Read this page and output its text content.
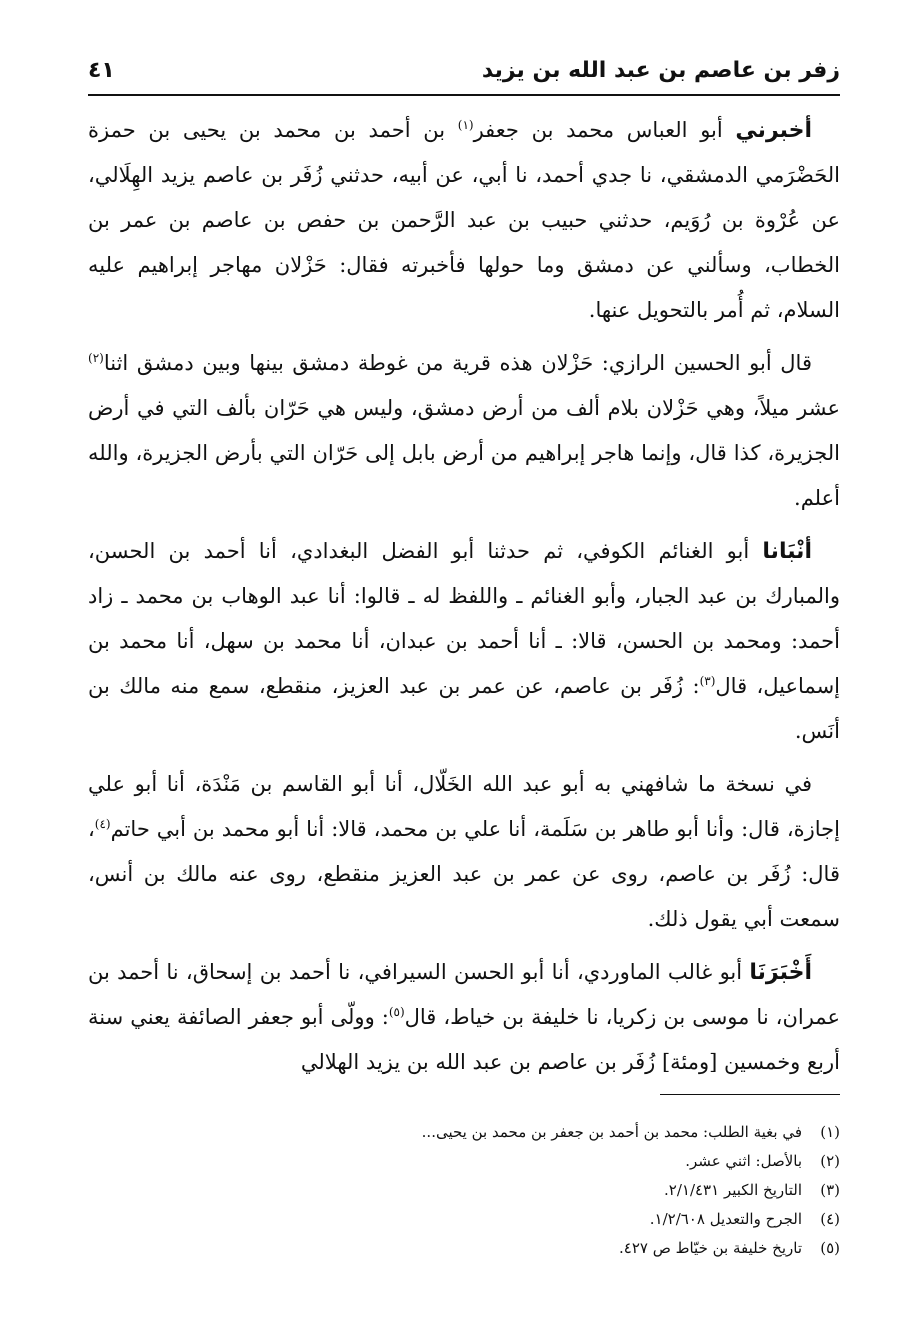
زفر بن عاصم بن عبد الله بن يزيد
٤١

أخبرني أبو العباس محمد بن جعفر$^{(١)}$ بن أحمد بن محمد بن يحيى بن حمزة الحَضْرَمي الدمشقي، نا جدي أحمد، نا أبي، عن أبيه، حدثني زُفَر بن عاصم يزيد الهِلَالي، عن عُرْوة بن رُوَيم، حدثني حبيب بن عبد الرَّحمن بن حفص بن عاصم بن عمر بن الخطاب، وسألني عن دمشق وما حولها فأخبرته فقال: حَزْلان مهاجر إبراهيم عليه السلام، ثم أُمر بالتحويل عنها.

قال أبو الحسين الرازي: حَزْلان هذه قرية من غوطة دمشق بينها وبين دمشق اثنا$^{(٢)}$ عشر ميلاً، وهي حَزْلان بلام ألف من أرض دمشق، وليس هي حَرّان بألف التي في أرض الجزيرة، كذا قال، وإنما هاجر إبراهيم من أرض بابل إلى حَرّان التي بأرض الجزيرة، والله أعلم.

أنْبَانا أبو الغنائم الكوفي، ثم حدثنا أبو الفضل البغدادي، أنا أحمد بن الحسن، والمبارك بن عبد الجبار، وأبو الغنائم ـ واللفظ له ـ قالوا: أنا عبد الوهاب بن محمد ـ زاد أحمد: ومحمد بن الحسن، قالا: ـ أنا أحمد بن عبدان، أنا محمد بن سهل، أنا محمد بن إسماعيل، قال$^{(٣)}$: زُفَر بن عاصم، عن عمر بن عبد العزيز، منقطع، سمع منه مالك بن أنَس.

في نسخة ما شافهني به أبو عبد الله الخَلّال، أنا أبو القاسم بن مَنْدَة، أنا أبو علي إجازة، قال: وأنا أبو طاهر بن سَلَمة، أنا علي بن محمد، قالا: أنا أبو محمد بن أبي حاتم$^{(٤)}$، قال: زُفَر بن عاصم، روى عن عمر بن عبد العزيز منقطع، روى عنه مالك بن أنس، سمعت أبي يقول ذلك.

أَخْبَرَنَا أبو غالب الماوردي، أنا أبو الحسن السيرافي، نا أحمد بن إسحاق، نا أحمد بن عمران، نا موسى بن زكريا، نا خليفة بن خياط، قال$^{(٥)}$: وولّى أبو جعفر الصائفة يعني سنة أربع وخمسين [ومئة] زُفَر بن عاصم بن عبد الله بن يزيد الهلالي

(١)
في بغية الطلب: محمد بن أحمد بن جعفر بن محمد بن يحيى...
(٢)
بالأصل: اثني عشر.
(٣)
التاريخ الكبير ٢/١/٤٣١.
(٤)
الجرح والتعديل ١/٢/٦٠٨.
(٥)
تاريخ خليفة بن خيّاط ص ٤٢٧.
